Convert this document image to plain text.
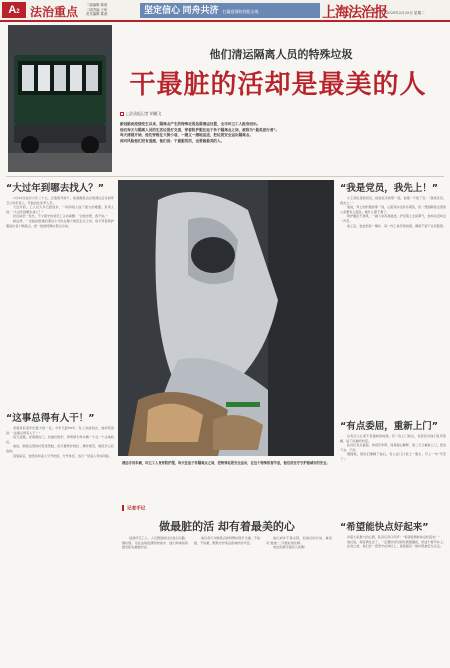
A2 法治重点 二版编辑 陈晨
二版责编 王昕
美术编辑 陈燕	坚定信心 同舟共济 打赢疫情防控阻击战	上海法治报 2020年2月25日 星期二
他们清运隔离人员的特殊垃圾
干最脏的活却是最美的人
□法治报记者 胡毓飞
新冠肺炎疫情发生以来，隔离点产生的特殊垃圾急需清运处置，全市环卫工人挺身而出。
他们每天与隔离人员的生活垃圾打交道，穿着防护服往返于各个隔离点之间，被称为“最美逆行者”。
每天清晨开始，他们穿梭在大街小巷，一趟又一趟地运送，把垃圾安全运出隔离点。
面对风险他们没有退缩，他们说：干最脏的活，也要做最美的人。
“大过年到哪去找人？”
1月23日农历大年二十九，正值春节前夕，接到隔离点垃圾清运任务的环卫公司负责人，开始四处张罗人手。
大过年的，工人们大多已经返乡，一时间找人成了最大的难题。负责人说：“大过年到哪去找人？”
好在消息一发出，不少留守的老员工主动请缨：“让我去吧，我不怕。”
就这样，一支临时组建的清运小分队在除夕前夜正式上岗，每天穿着防护服进出各个隔离点，把一袋袋特殊垃圾运出来。
“这事总得有人干！”
老黄是队里年纪最大的一位，今年已经58岁。有人劝他别去，他却笑着说：“这事总得有人干！”
每天凌晨，老黄就出门，先做好防护，再驾驶专用车辆一个点一个点地收运。
他说，隔离点里的垃圾虽然脏，但只要防护到位、操作规范，就没什么好怕的。
回到家后，他坚持和家人分开吃饭、分开休息，怕万一给家人带来风险。
清运专用车辆，环卫工人身穿防护服，每天往返于各隔离点之间，把特殊垃圾安全运出，在这个特殊的春节里，他们用坚守守护着城市的安全。
记者手记
做最脏的活 却有着最美的心
说到环卫工人，人们想到的往往是扫马路、倒垃圾。可在这场疫情防控战中，他们却承担着最危险也最脏的活。
他们每天与隔离点的特殊垃圾打交道，不怕脏、不怕累，默默守护着这座城市的平安。
他们或许不善言辞，但他们的行动，就是对“最美”二字最好的诠释。
向这些最可爱的人致敬！
“我是党员，我先上！”
小王是队里的党员，接到任务的那一刻，他第一个报了名：“我是党员，我先上！”
他说，穿上防护服的那一刻，心里其实也有些紧张，但一想到隔离点里的人需要有人服务，就什么都不想了。
防护服密不透风，一趟下来浑身湿透，护目镜上全是雾气，他却从没叫过一声苦。
收工后，他会把每一辆车、每一件工具仔细消毒，确保不留下任何隐患。
“有点委屈，重新上门”
也有让人心里不是滋味的时候。有一次上门收运，有居民对他们有所误解，说了些难听的话。
队员们有点委屈，却没有争辩，而是耐心解释，第二天又重新上门，把活干完、干好。
慢慢地，居民们理解了他们，有人在门口放上一瓶水，写上一句“辛苦了”。
“希望能快点好起来”
问起大家最大的心愿，队员们异口同声：“希望疫情能快点好起来！”
他们说，等疫情过去了，一定要好好回家吃顿团圆饭，把这个春节补上。
在此之前，他们会一直坚守在岗位上，直到最后一袋垃圾被安全运走。
